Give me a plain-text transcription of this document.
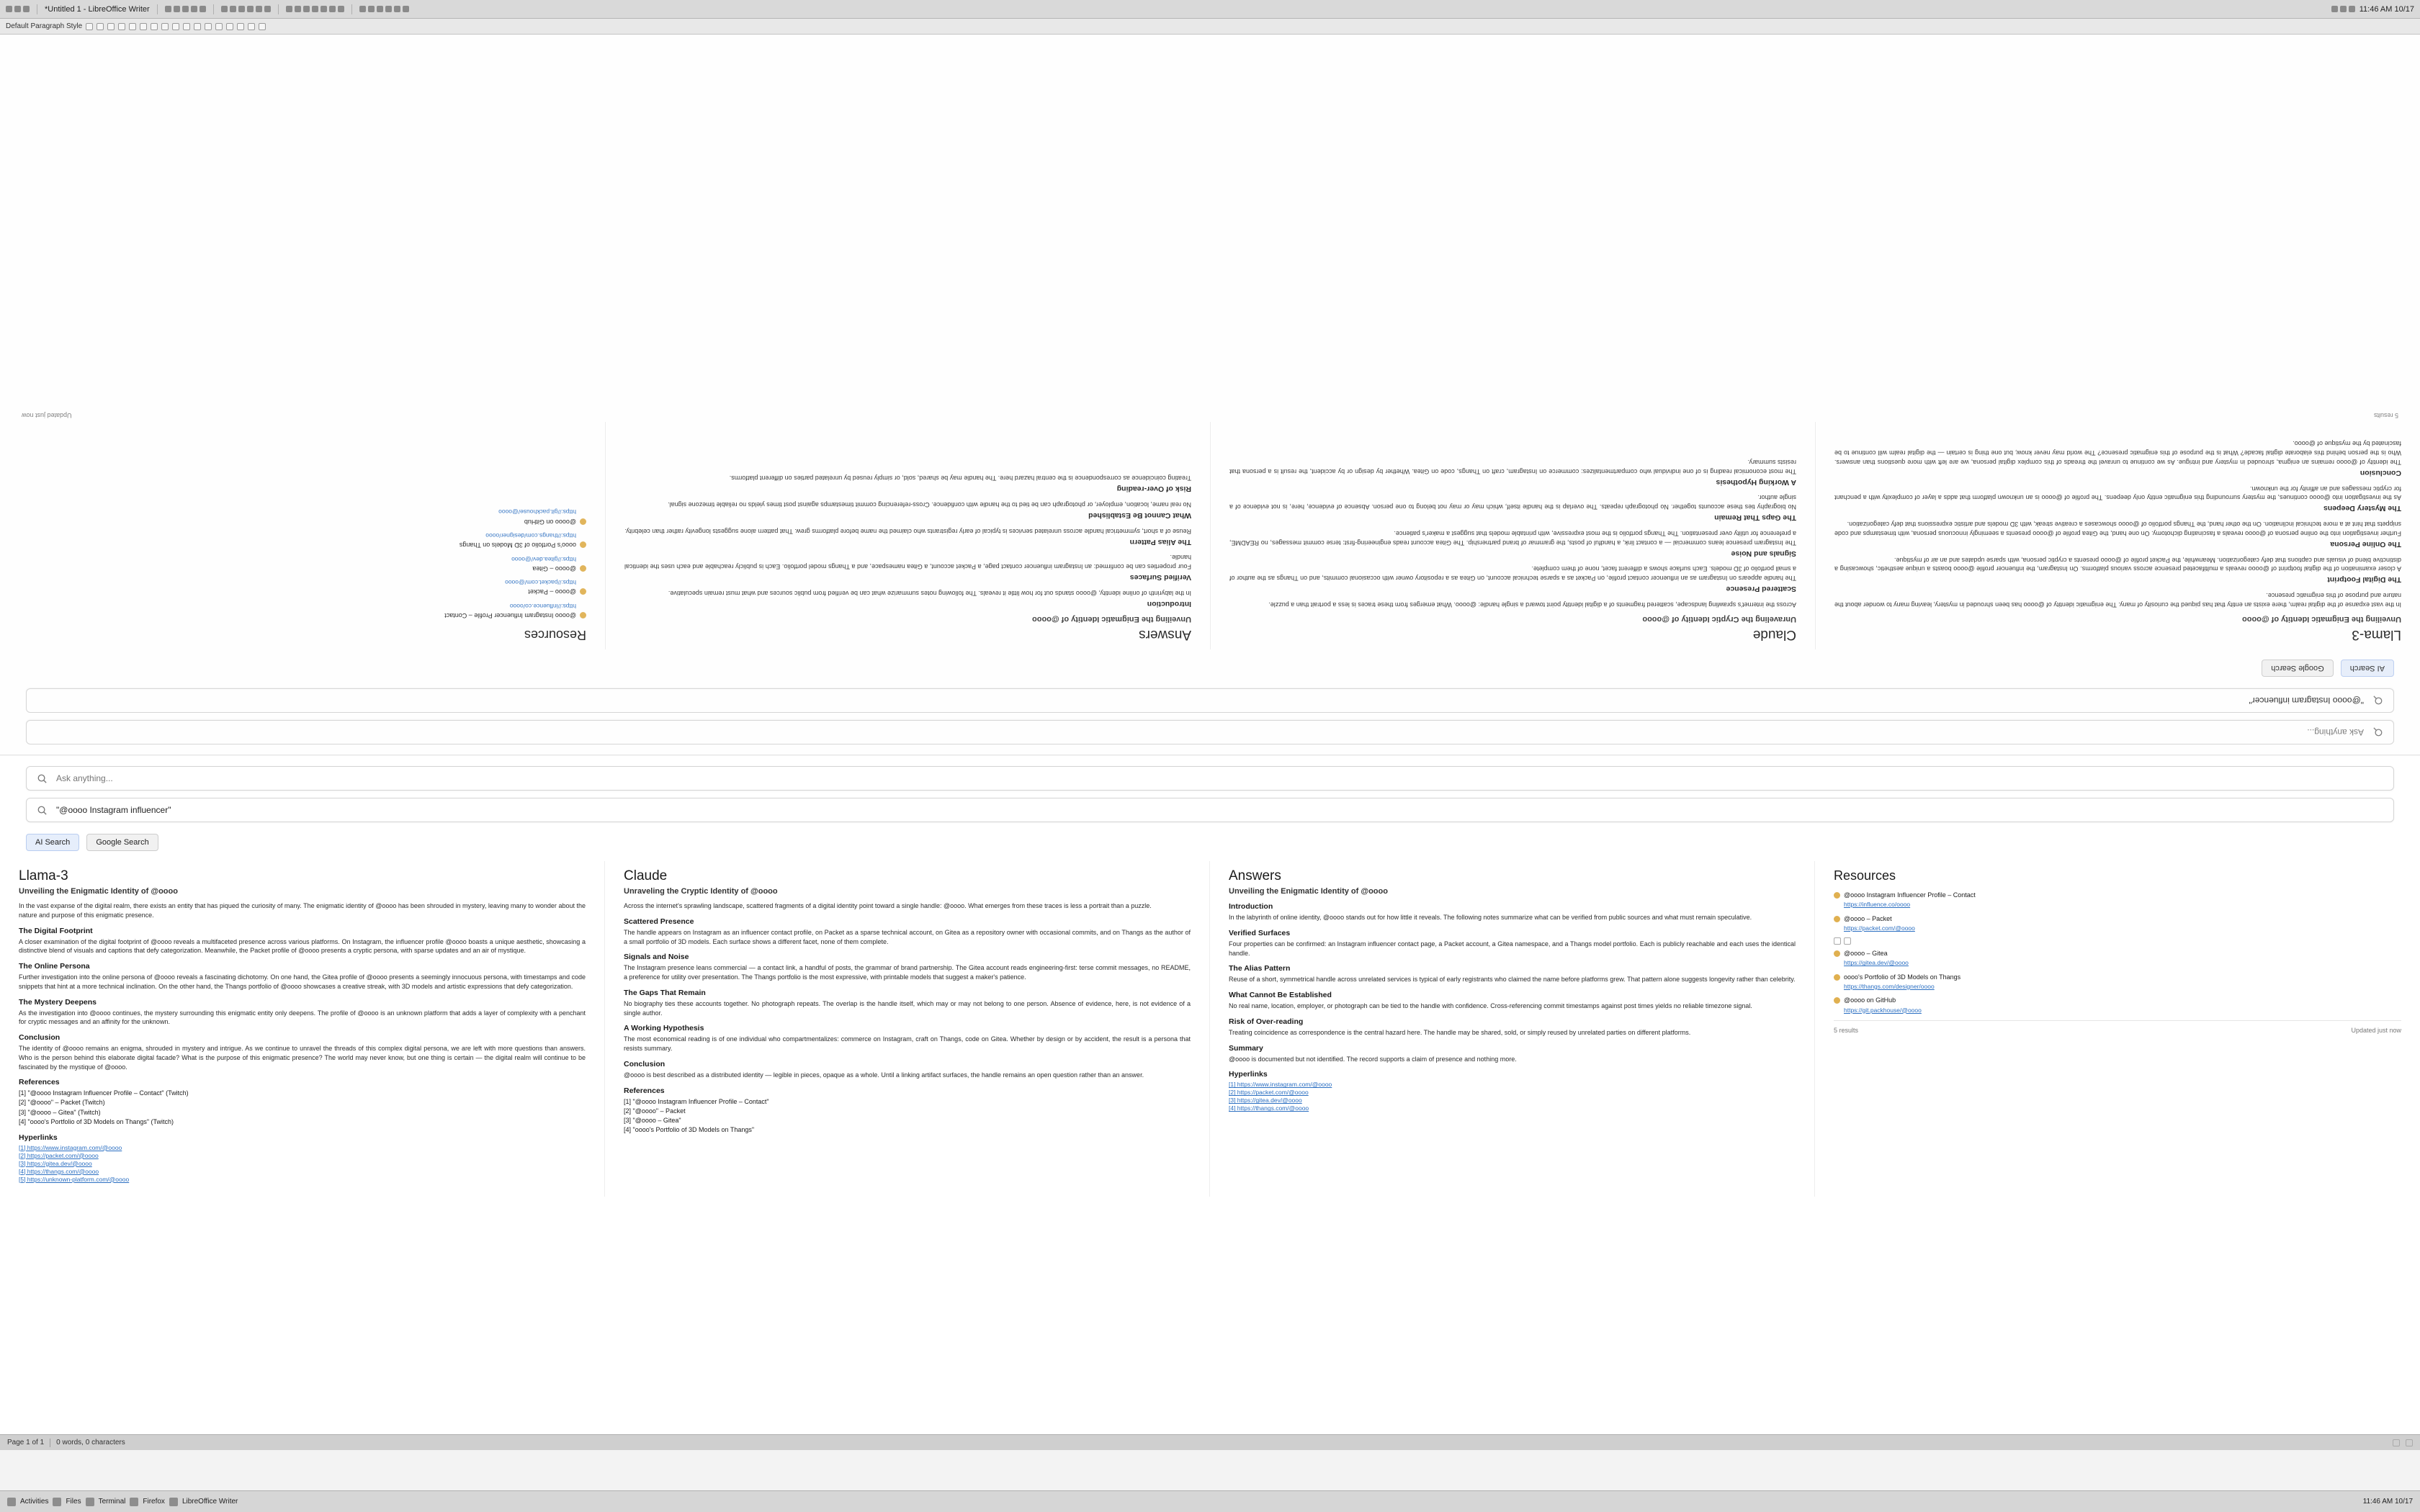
*Untitled 1 - LibreOffice Writer	11:46 AM 10/17
Default Paragraph Style
Ask anything...
"@oooo Instagram influencer"
AI Search
Google Search
Llama-3
Unveiling the Enigmatic Identity of @oooo

In the vast expanse of the digital realm, there exists an entity that has piqued the curiosity of many. The enigmatic identity of @oooo has been shrouded in mystery, leaving many to wonder about the nature and purpose of this enigmatic presence.

The Digital Footprint

A closer examination of the digital footprint of @oooo reveals a multifaceted presence across various platforms. On Instagram, the influencer profile @oooo boasts a unique aesthetic, showcasing a distinctive blend of visuals and captions that defy categorization. Meanwhile, the Packet profile of @oooo presents a cryptic persona, with sparse updates and an air of mystique.

The Online Persona

Further investigation into the online persona of @oooo reveals a fascinating dichotomy. On one hand, the Gitea profile of @oooo presents a seemingly innocuous persona, with timestamps and code snippets that hint at a more technical inclination. On the other hand, the Thangs portfolio of @oooo showcases a creative streak, with 3D models and artistic expressions that defy categorization.

The Mystery Deepens

As the investigation into @oooo continues, the mystery surrounding this enigmatic entity only deepens. The profile of @oooo is an unknown platform that adds a layer of complexity with a penchant for cryptic messages and an affinity for the unknown.

Conclusion

The identity of @oooo remains an enigma, shrouded in mystery and intrigue. As we continue to unravel the threads of this complex digital persona, we are left with more questions than answers. Who is the person behind this elaborate digital facade? What is the purpose of this enigmatic presence? The world may never know, but one thing is certain — the digital realm will continue to be fascinated by the mystique of @oooo.

Claude
Unraveling the Cryptic Identity of @oooo

Across the internet's sprawling landscape, scattered fragments of a digital identity point toward a single handle: @oooo. What emerges from these traces is less a portrait than a puzzle.

Scattered Presence

The handle appears on Instagram as an influencer contact profile, on Packet as a sparse technical account, on Gitea as a repository owner with occasional commits, and on Thangs as the author of a small portfolio of 3D models. Each surface shows a different facet, none of them complete.

Signals and Noise

The Instagram presence leans commercial — a contact link, a handful of posts, the grammar of brand partnership. The Gitea account reads engineering-first: terse commit messages, no README, a preference for utility over presentation. The Thangs portfolio is the most expressive, with printable models that suggest a maker's patience.

The Gaps That Remain

No biography ties these accounts together. No photograph repeats. The overlap is the handle itself, which may or may not belong to one person. Absence of evidence, here, is not evidence of a single author.

A Working Hypothesis

The most economical reading is of one individual who compartmentalizes: commerce on Instagram, craft on Thangs, code on Gitea. Whether by design or by accident, the result is a persona that resists summary.

Answers
Unveiling the Enigmatic Identity of @oooo
Introduction

In the labyrinth of online identity, @oooo stands out for how little it reveals. The following notes summarize what can be verified from public sources and what must remain speculative.

Verified Surfaces

Four properties can be confirmed: an Instagram influencer contact page, a Packet account, a Gitea namespace, and a Thangs model portfolio. Each is publicly reachable and each uses the identical handle.

The Alias Pattern

Reuse of a short, symmetrical handle across unrelated services is typical of early registrants who claimed the name before platforms grew. That pattern alone suggests longevity rather than celebrity.

What Cannot Be Established

No real name, location, employer, or photograph can be tied to the handle with confidence. Cross-referencing commit timestamps against post times yields no reliable timezone signal.

Risk of Over-reading

Treating coincidence as correspondence is the central hazard here. The handle may be shared, sold, or simply reused by unrelated parties on different platforms.

Resources
@oooo Instagram Influencer Profile – Contact
https://influence.co/oooo
@oooo – Packet
https://packet.com/@oooo
@oooo – Gitea
https://gitea.dev/@oooo
oooo's Portfolio of 3D Models on Thangs
https://thangs.com/designer/oooo
@oooo on GitHub
https://git.packhouse/@oooo
5 results
Updated just now
Ask anything...
"@oooo Instagram influencer"
AI Search	Google Search
Llama-3
Unveiling the Enigmatic Identity of @oooo

In the vast expanse of the digital realm, there exists an entity that has piqued the curiosity of many. The enigmatic identity of @oooo has been shrouded in mystery, leaving many to wonder about the nature and purpose of this enigmatic presence.

The Digital Footprint

A closer examination of the digital footprint of @oooo reveals a multifaceted presence across various platforms. On Instagram, the influencer profile @oooo boasts a unique aesthetic, showcasing a distinctive blend of visuals and captions that defy categorization. Meanwhile, the Packet profile of @oooo presents a cryptic persona, with sparse updates and an air of mystique.

The Online Persona

Further investigation into the online persona of @oooo reveals a fascinating dichotomy. On one hand, the Gitea profile of @oooo presents a seemingly innocuous persona, with timestamps and code snippets that hint at a more technical inclination. On the other hand, the Thangs portfolio of @oooo showcases a creative streak, with 3D models and artistic expressions that defy categorization.

The Mystery Deepens

As the investigation into @oooo continues, the mystery surrounding this enigmatic entity only deepens. The profile of @oooo is an unknown platform that adds a layer of complexity with a penchant for cryptic messages and an affinity for the unknown.

Conclusion

The identity of @oooo remains an enigma, shrouded in mystery and intrigue. As we continue to unravel the threads of this complex digital persona, we are left with more questions than answers. Who is the person behind this elaborate digital facade? What is the purpose of this enigmatic presence? The world may never know, but one thing is certain — the digital realm will continue to be fascinated by the mystique of @oooo.

References
[1] "@oooo Instagram Influencer Profile – Contact" (Twitch)
[2] "@oooo" – Packet (Twitch)
[3] "@oooo – Gitea" (Twitch)
[4] "oooo's Portfolio of 3D Models on Thangs" (Twitch)
Hyperlinks
[1] https://www.instagram.com/@oooo
[2] https://packet.com/@oooo
[3] https://gitea.dev/@oooo
[4] https://thangs.com/@oooo
[5] https://unknown-platform.com/@oooo
Claude
Unraveling the Cryptic Identity of @oooo

Across the internet's sprawling landscape, scattered fragments of a digital identity point toward a single handle: @oooo. What emerges from these traces is less a portrait than a puzzle.

Scattered Presence

The handle appears on Instagram as an influencer contact profile, on Packet as a sparse technical account, on Gitea as a repository owner with occasional commits, and on Thangs as the author of a small portfolio of 3D models. Each surface shows a different facet, none of them complete.

Signals and Noise

The Instagram presence leans commercial — a contact link, a handful of posts, the grammar of brand partnership. The Gitea account reads engineering-first: terse commit messages, no README, a preference for utility over presentation. The Thangs portfolio is the most expressive, with printable models that suggest a maker's patience.

The Gaps That Remain

No biography ties these accounts together. No photograph repeats. The overlap is the handle itself, which may or may not belong to one person. Absence of evidence, here, is not evidence of a single author.

A Working Hypothesis

The most economical reading is of one individual who compartmentalizes: commerce on Instagram, craft on Thangs, code on Gitea. Whether by design or by accident, the result is a persona that resists summary.

Conclusion

@oooo is best described as a distributed identity — legible in pieces, opaque as a whole. Until a linking artifact surfaces, the handle remains an open question rather than an answer.

References
[1] "@oooo Instagram Influencer Profile – Contact"
[2] "@oooo" – Packet
[3] "@oooo – Gitea"
[4] "oooo's Portfolio of 3D Models on Thangs"
Answers
Unveiling the Enigmatic Identity of @oooo
Introduction

In the labyrinth of online identity, @oooo stands out for how little it reveals. The following notes summarize what can be verified from public sources and what must remain speculative.

Verified Surfaces

Four properties can be confirmed: an Instagram influencer contact page, a Packet account, a Gitea namespace, and a Thangs model portfolio. Each is publicly reachable and each uses the identical handle.

The Alias Pattern

Reuse of a short, symmetrical handle across unrelated services is typical of early registrants who claimed the name before platforms grew. That pattern alone suggests longevity rather than celebrity.

What Cannot Be Established

No real name, location, employer, or photograph can be tied to the handle with confidence. Cross-referencing commit timestamps against post times yields no reliable timezone signal.

Risk of Over-reading

Treating coincidence as correspondence is the central hazard here. The handle may be shared, sold, or simply reused by unrelated parties on different platforms.

Summary

@oooo is documented but not identified. The record supports a claim of presence and nothing more.

Hyperlinks
[1] https://www.instagram.com/@oooo
[2] https://packet.com/@oooo
[3] https://gitea.dev/@oooo
[4] https://thangs.com/@oooo
Resources
@oooo Instagram Influencer Profile – Contact
https://influence.co/oooo
@oooo – Packet
https://packet.com/@oooo
@oooo – Gitea
https://gitea.dev/@oooo
oooo's Portfolio of 3D Models on Thangs
https://thangs.com/designer/oooo
@oooo on GitHub
https://git.packhouse/@oooo
5 results	Updated just now
Page 1 of 1 0 words, 0 characters
Activities Files Terminal Firefox LibreOffice Writer	11:46 AM 10/17
